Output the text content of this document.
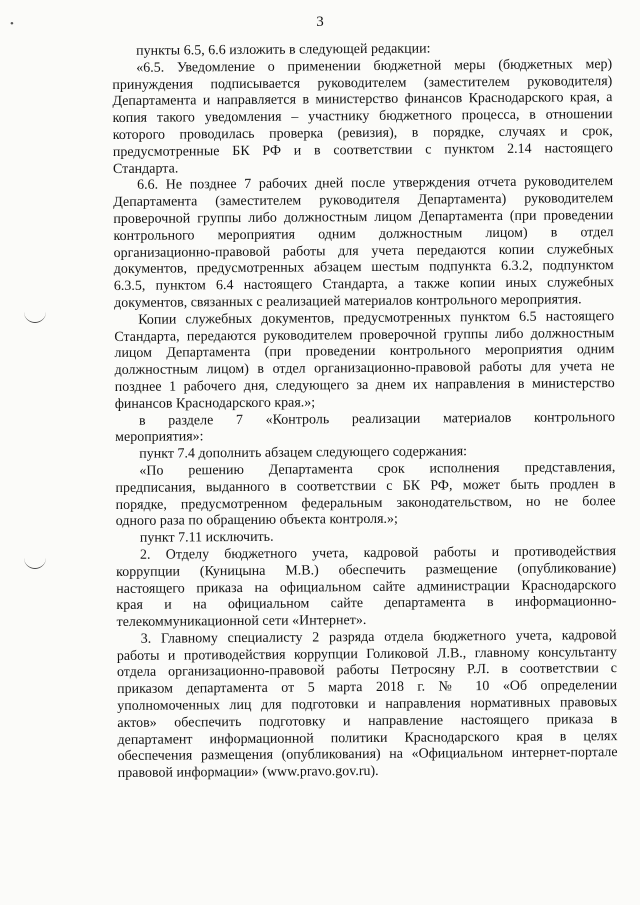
•	3
пункты 6.5, 6.6 изложить в следующей редакции:
«6.5. Уведомление о применении бюджетной меры (бюджетных мер)
принуждения подписывается руководителем (заместителем руководителя)
Департамента и направляется в министерство финансов Краснодарского края, а
копия такого уведомления – участнику бюджетного процесса, в отношении
которого проводилась проверка (ревизия), в порядке, случаях и срок,
предусмотренные БК РФ и в соответствии с пунктом 2.14 настоящего
Стандарта.
6.6. Не позднее 7 рабочих дней после утверждения отчета руководителем
Департамента (заместителем руководителя Департамента) руководителем
проверочной группы либо должностным лицом Департамента (при проведении
контрольного мероприятия одним должностным лицом) в отдел
организационно-правовой работы для учета передаются копии служебных
документов, предусмотренных абзацем шестым подпункта 6.3.2, подпунктом
6.3.5, пунктом 6.4 настоящего Стандарта, а также копии иных служебных
документов, связанных с реализацией материалов контрольного мероприятия.
Копии служебных документов, предусмотренных пунктом 6.5 настоящего
Стандарта, передаются руководителем проверочной группы либо должностным
лицом Департамента (при проведении контрольного мероприятия одним
должностным лицом) в отдел организационно-правовой работы для учета не
позднее 1 рабочего дня, следующего за днем их направления в министерство
финансов Краснодарского края.»;
в разделе 7 «Контроль реализации материалов контрольного
мероприятия»:
пункт 7.4 дополнить абзацем следующего содержания:
«По решению Департамента срок исполнения представления,
предписания, выданного в соответствии с БК РФ, может быть продлен в
порядке, предусмотренном федеральным законодательством, но не более
одного раза по обращению объекта контроля.»;
пункт 7.11 исключить.
2. Отделу бюджетного учета, кадровой работы и противодействия
коррупции (Куницына М.В.) обеспечить размещение (опубликование)
настоящего приказа на официальном сайте администрации Краснодарского
края и на официальном сайте департамента в информационно-
телекоммуникационной сети «Интернет».
3. Главному специалисту 2 разряда отдела бюджетного учета, кадровой
работы и противодействия коррупции Голиковой Л.В., главному консультанту
отдела организационно-правовой работы Петросяну Р.Л. в соответствии с
приказом департамента от 5 марта 2018 г. № 10 «Об определении
уполномоченных лиц для подготовки и направления нормативных правовых
актов» обеспечить подготовку и направление настоящего приказа в
департамент информационной политики Краснодарского края в целях
обеспечения размещения (опубликования) на «Официальном интернет-портале
правовой информации» (www.pravo.gov.ru).
